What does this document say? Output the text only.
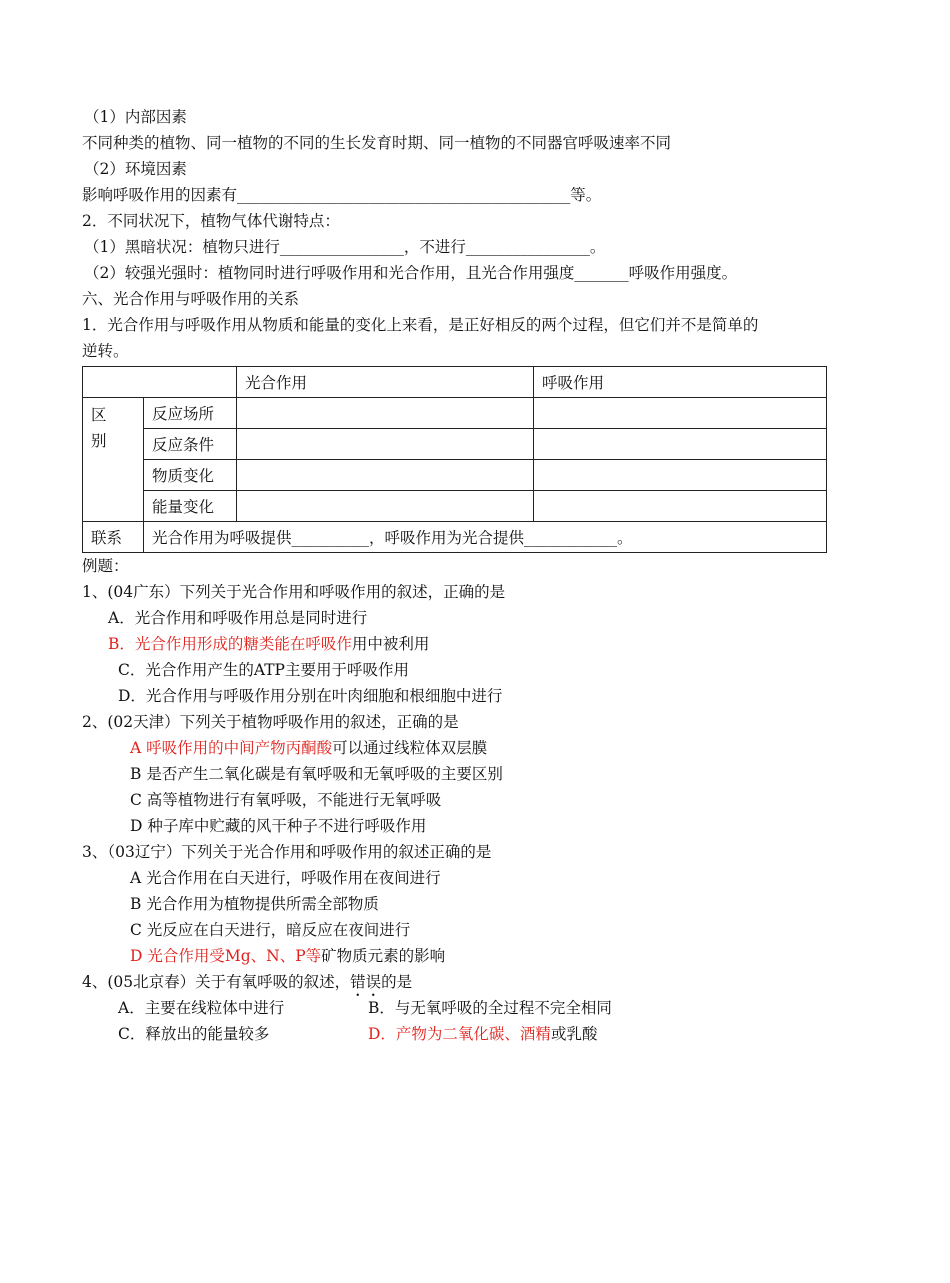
（1）内部因素
不同种类的植物、同一植物的不同的生长发育时期、同一植物的不同器官呼吸速率不同
（2）环境因素
影响呼吸作用的因素有___________________________________________等。
2．不同状况下，植物气体代谢特点：
（1）黑暗状况：植物只进行________________，不进行________________。
（2）较强光强时：植物同时进行呼吸作用和光合作用，且光合作用强度_______呼吸作用强度。
六、光合作用与呼吸作用的关系
1．光合作用与呼吸作用从物质和能量的变化上来看，是正好相反的两个过程，但它们并不是简单的
逆转。
		光合作用	呼吸作用

区
别	反应场所		
	反应条件		
	物质变化		
	能量变化		
联系	光合作用为呼吸提供__________，呼吸作用为光合提供____________。		
例题：
1、(04广东）下列关于光合作用和呼吸作用的叙述，正确的是
A．光合作用和呼吸作用总是同时进行
B．光合作用形成的糖类能在呼吸作用中被利用
C．光合作用产生的ATP主要用于呼吸作用
D．光合作用与呼吸作用分别在叶肉细胞和根细胞中进行
2、(02天津）下列关于植物呼吸作用的叙述，正确的是
A 呼吸作用的中间产物丙酮酸可以通过线粒体双层膜
B 是否产生二氧化碳是有氧呼吸和无氧呼吸的主要区别
C 高等植物进行有氧呼吸，不能进行无氧呼吸
D 种子库中贮藏的风干种子不进行呼吸作用
3、（03辽宁）下列关于光合作用和呼吸作用的叙述正确的是
A 光合作用在白天进行，呼吸作用在夜间进行
B 光合作用为植物提供所需全部物质
C 光反应在白天进行，暗反应在夜间进行
D 光合作用受Mg、N、P等矿物质元素的影响
4、(05北京春）关于有氧呼吸的叙述，错误的是
A．主要在线粒体中进行	B．与无氧呼吸的全过程不完全相同
C．释放出的能量较多	D．产物为二氧化碳、酒精或乳酸
